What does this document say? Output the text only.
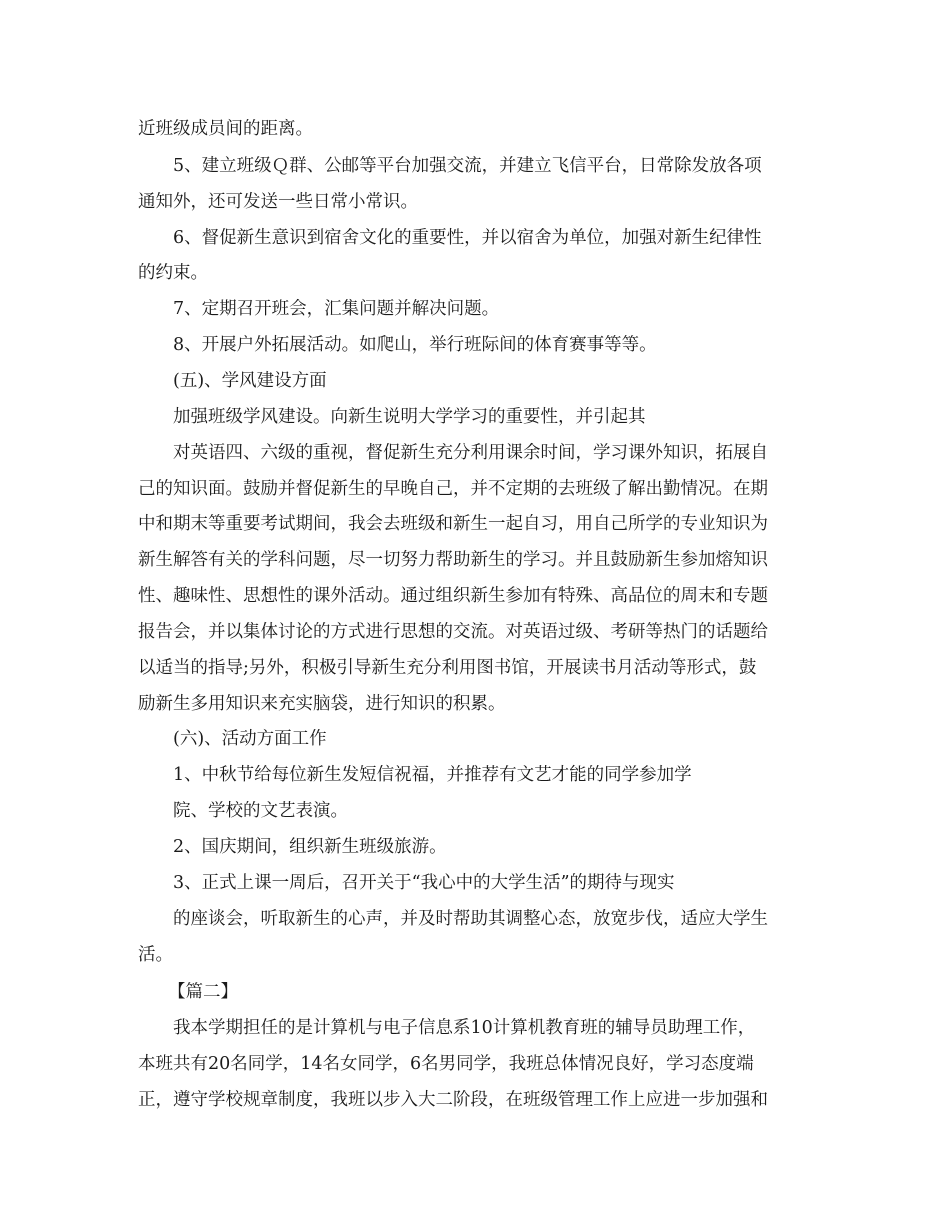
近班级成员间的距离。
5、建立班级Ｑ群、公邮等平台加强交流，并建立飞信平台，日常除发放各项
通知外，还可发送一些日常小常识。
6、督促新生意识到宿舍文化的重要性，并以宿舍为单位，加强对新生纪律性
的约束。
7、定期召开班会，汇集问题并解决问题。
8、开展户外拓展活动。如爬山，举行班际间的体育赛事等等。
(五)、学风建设方面
加强班级学风建设。向新生说明大学学习的重要性，并引起其
对英语四、六级的重视，督促新生充分利用课余时间，学习课外知识，拓展自
己的知识面。鼓励并督促新生的早晚自己，并不定期的去班级了解出勤情况。在期
中和期末等重要考试期间，我会去班级和新生一起自习，用自己所学的专业知识为
新生解答有关的学科问题，尽一切努力帮助新生的学习。并且鼓励新生参加熔知识
性、趣味性、思想性的课外活动。通过组织新生参加有特殊、高品位的周末和专题
报告会，并以集体讨论的方式进行思想的交流。对英语过级、考研等热门的话题给
以适当的指导;另外，积极引导新生充分利用图书馆，开展读书月活动等形式，鼓
励新生多用知识来充实脑袋，进行知识的积累。
(六)、活动方面工作
1、中秋节给每位新生发短信祝福，并推荐有文艺才能的同学参加学
院、学校的文艺表演。
2、国庆期间，组织新生班级旅游。
3、正式上课一周后，召开关于“我心中的大学生活”的期待与现实
的座谈会，听取新生的心声，并及时帮助其调整心态，放宽步伐，适应大学生
活。
【篇二】
我本学期担任的是计算机与电子信息系10计算机教育班的辅导员助理工作，
本班共有20名同学，14名女同学，6名男同学，我班总体情况良好，学习态度端
正，遵守学校规章制度，我班以步入大二阶段，在班级管理工作上应进一步加强和
